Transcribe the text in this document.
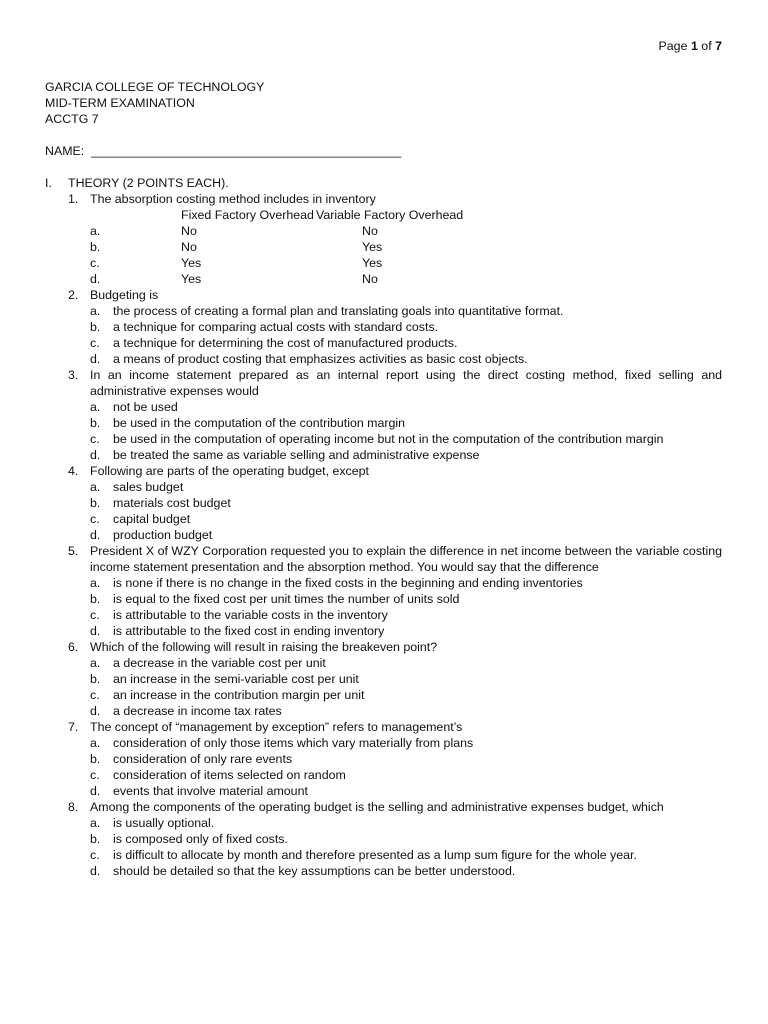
Page 1 of 7
GARCIA COLLEGE OF TECHNOLOGY
MID-TERM EXAMINATION
ACCTG 7
NAME: _____________________________________________
I.	THEORY (2 POINTS EACH).
1. The absorption costing method includes in inventory
Fixed Factory Overhead Variable Factory Overhead
a.	No	No
b.	No	Yes
c.	Yes	Yes
d.	Yes	No
2. Budgeting is
a. the process of creating a formal plan and translating goals into quantitative format.
b. a technique for comparing actual costs with standard costs.
c. a technique for determining the cost of manufactured products.
d. a means of product costing that emphasizes activities as basic cost objects.
3. In an income statement prepared as an internal report using the direct costing method, fixed selling and administrative expenses would
a. not be used
b. be used in the computation of the contribution margin
c. be used in the computation of operating income but not in the computation of the contribution margin
d. be treated the same as variable selling and administrative expense
4. Following are parts of the operating budget, except
a. sales budget
b. materials cost budget
c. capital budget
d. production budget
5. President X of WZY Corporation requested you to explain the difference in net income between the variable costing income statement presentation and the absorption method. You would say that the difference
a. is none if there is no change in the fixed costs in the beginning and ending inventories
b. is equal to the fixed cost per unit times the number of units sold
c. is attributable to the variable costs in the inventory
d. is attributable to the fixed cost in ending inventory
6. Which of the following will result in raising the breakeven point?
a. a decrease in the variable cost per unit
b. an increase in the semi-variable cost per unit
c. an increase in the contribution margin per unit
d. a decrease in income tax rates
7. The concept of “management by exception” refers to management’s
a. consideration of only those items which vary materially from plans
b. consideration of only rare events
c. consideration of items selected on random
d. events that involve material amount
8. Among the components of the operating budget is the selling and administrative expenses budget, which
a. is usually optional.
b. is composed only of fixed costs.
c. is difficult to allocate by month and therefore presented as a lump sum figure for the whole year.
d. should be detailed so that the key assumptions can be better understood.
